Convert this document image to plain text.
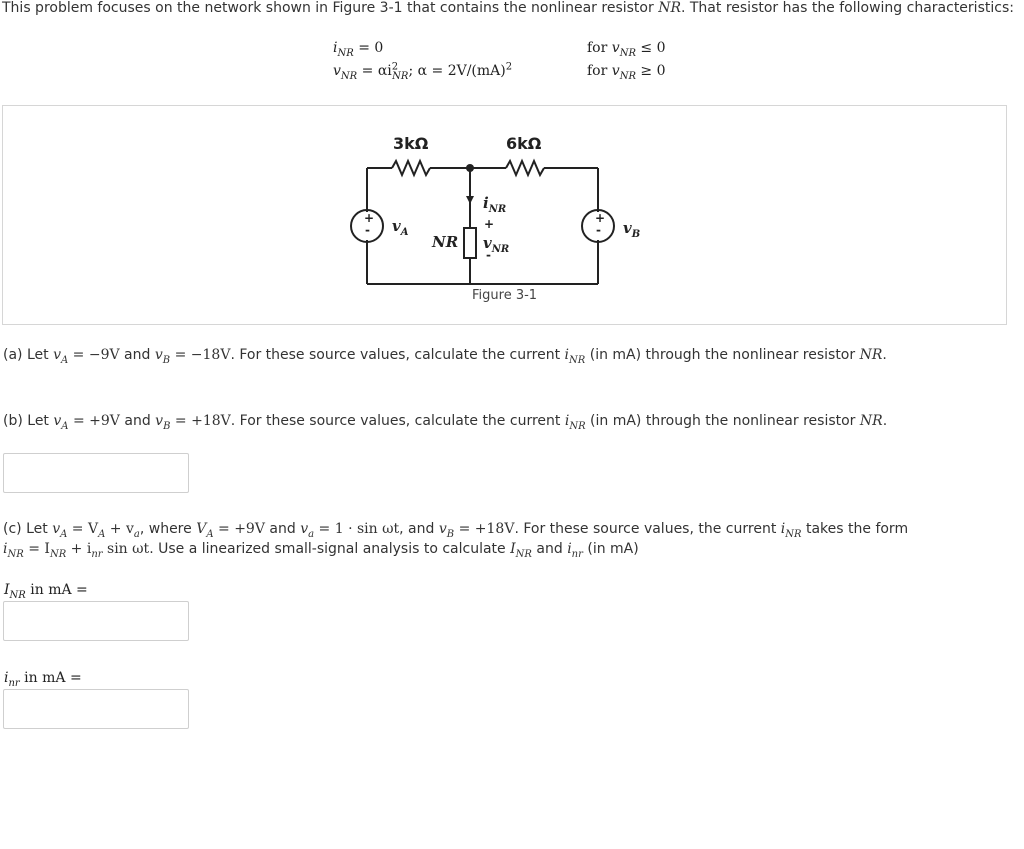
This problem focuses on the network shown in Figure 3-1 that contains the nonlinear resistor NR. That resistor has the following characteristics:
$i_{NR} = 0$	for $v_{NR} \le 0$
$v_{NR} = \alpha i^2_{NR}$; α = 2V/(mA)$^2$	for $v_{NR} \ge 0$
3kΩ	6kΩ
+
-
+
-
$v_A$	$v_B$
$i_{NR}$
+
$v_{NR}$
-
NR
Figure 3-1
(a) Let $v_A = -9V$ and $v_B = -18V$. For these source values, calculate the current $i_{NR}$ (in mA) through the nonlinear resistor NR.
(b) Let $v_A = +9V$ and $v_B = +18V$. For these source values, calculate the current $i_{NR}$ (in mA) through the nonlinear resistor NR.
(c) Let $v_A = V_A + v_a$, where $V_A = +9V$ and $v_a = 1 \cdot \sin \omega t$, and $v_B = +18V$. For these source values, the current $i_{NR}$ takes the form
$i_{NR} = I_{NR} + i_{nr}$ sin ωt. Use a linearized small-signal analysis to calculate $I_{NR}$ and $i_{nr}$ (in mA)
$I_{NR}$ in mA =
$i_{nr}$ in mA =
